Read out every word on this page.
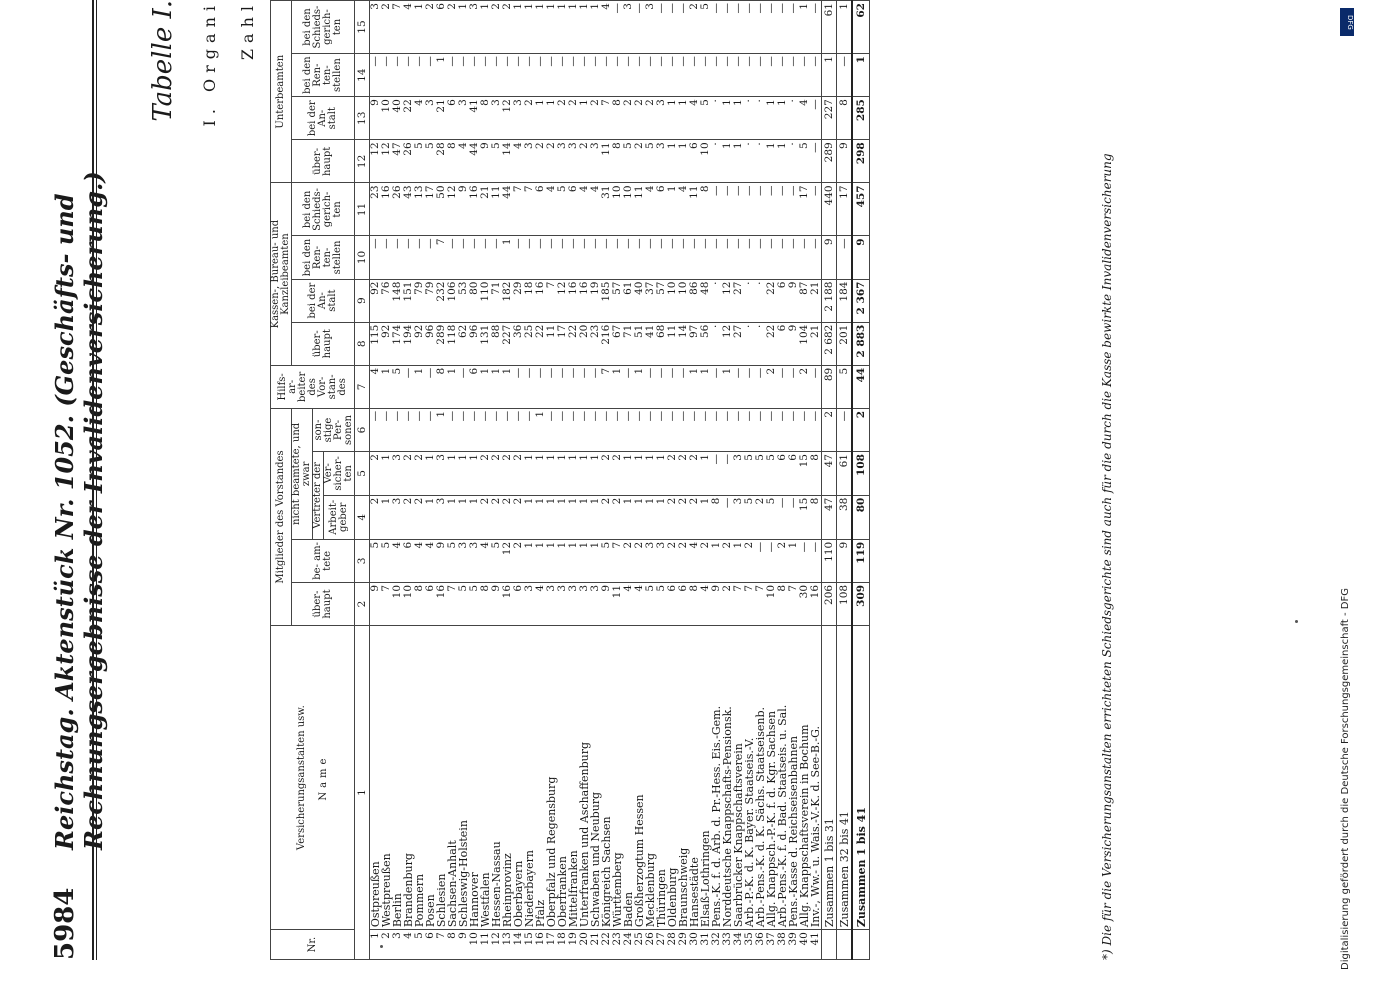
5984
Reichstag. Aktenstück Nr. 1052. (Geschäfts- und Rechnungsergebnisse der Invalidenversicherung.)
Tabelle I. I. Organi Zahl
Nr.	Versicherungsanstalten usw. Name	Mitglieder des Vorstandes					Hilfs- ar- beiter des Vor- stan- des	Kassen-, Bureau- und Kanzleibeamten				Unterbeamten			
		über- haupt	be- am- tete	nicht beamtete, und zwar				über- haupt	bei der An- stalt	bei den Ren- ten- stellen	bei den Schieds- gerich- ten	über- haupt	bei der An- stalt	bei den Ren- ten- stellen	bei den Schieds- gerich- ten
				Vertreter der		son- stige Per- sonen									
				Arbeit- geber	Ver- sicher- ten										
1		2	3	4	5	6	7	8	9	10	11	12	13	14	15
1	Ostpreußen	9	5	2	2	—	4	115	92	—	23	12	9	—	3
2	Westpreußen	7	5	1	1	—	1	92	76	—	16	12	10	—	2
3	Berlin	10	4	3	3	—	5	174	148	—	26	47	40	—	7
4	Brandenburg	10	6	2	2	—	—	194	151	—	43	26	22	—	4
5	Pommern	8	4	2	2	—	1	92	79	—	13	5	4	—	1
6	Posen	6	4	1	1	—	—	96	79	—	17	5	3	—	2
7	Schlesien	16	9	3	3	1	8	289	232	7	50	28	21	1	6
8	Sachsen-Anhalt	7	5	1	1	—	1	118	106	—	12	8	6	—	2
9	Schleswig-Holstein	5	3	1	1	—	—	62	53	—	9	4	3	—	1
10	Hannover	5	3	1	1	—	6	96	80	—	16	44	41	—	3
11	Westfalen	8	4	2	2	—	1	131	110	—	21	9	8	—	1
12	Hessen-Nassau	9	5	2	2	—	1	88	71	—	11	5	3	—	2
13	Rheinprovinz	16	12	2	2	—	1	227	182	1	44	14	12	—	2
14	Oberbayern	6	2	2	2	—	—	36	29	—	7	4	3	—	1
15	Niederbayern	3	1	1	1	—	—	25	18	—	7	3	2	—	1
16	Pfalz	4	1	1	1	1	—	22	16	—	6	2	1	—	1
17	Oberpfalz und Regensburg	3	1	1	1	—	—	11	7	—	4	2	1	—	1
18	Oberfranken	3	1	1	1	—	—	17	12	—	5	3	2	—	1
19	Mittelfranken	3	1	1	1	—	—	22	16	—	6	3	2	—	1
20	Unterfranken und Aschaffenburg	3	1	1	1	—	—	20	16	—	4	2	1	—	1
21	Schwaben und Neuburg	3	1	1	1	—	—	23	19	—	4	3	2	—	1
22	Königreich Sachsen	9	5	2	2	—	7	216	185	—	31	11	7	—	4
23	Württemberg	11	7	2	2	—	1	67	57	—	10	8	8	—	—
24	Baden	4	2	1	1	—	—	71	61	—	10	5	2	—	3
25	Großherzogtum Hessen	4	2	1	1	—	1	51	40	—	11	2	2	—	—
26	Mecklenburg	5	3	1	1	—	—	41	37	—	4	5	2	—	3
27	Thüringen	5	3	1	1	—	—	68	57	—	6	3	3	—	—
28	Oldenburg	6	2	2	2	—	—	11	10	—	1	1	1	—	—
29	Braunschweig	6	2	2	2	—	—	14	10	—	4	1	1	—	—
30	Hansestädte	8	4	2	2	—	1	97	86	—	11	6	4	—	2
31	Elsaß-Lothringen	4	2	1	1	—	1	56	48	—	8	10	5	—	5
32	Pens.-K. f. d. Arb. d. Pr.-Hess. Eis.-Gem.	9	1	8	—	—	—	·	·	—	—	·	·	—	—
33	Norddeutsche Knappschafts-Pensionsk.	2	2	—	—	—	1	12	12	—	—	1	1	—	—
34	Saarbrücker Knappschaftsverein	7	1	3	3	—	—	27	27	—	—	1	1	—	—
35	Arb.-P.-K. d. K. Bayer. Staatseis.-V.	7	2	5	5	—	—	·	·	—	—	·	·	—	—
36	Arb.-Pens.-K. d. K. Sächs. Staatseisenb.	7	—	2	5	—	—	·	·	—	—	·	·	—	—
37	Allg. Knappsch.-P.-K. f. d. Kgr. Sachsen	10	—	5	5	—	2	22	22	—	—	1	1	—	—
38	Arb.-Pens.-K. f. d. Bad. Staatseis. u. Sal.	8	2	—	6	—	—	6	6	—	—	1	1	—	—
39	Pens.-Kasse d. Reichseisenbahnen	7	1	—	6	—	—	9	9	—	—	·	·	—	—
40	Allg. Knappschaftsverein in Bochum	30	—	15	15	—	2	104	87	—	17	5	4	—	1
41	Inv.-, Ww.- u. Wais.-V.-K. d. See-B.-G.	16	—	8	8	—	—	21	21	—	—	—	—	—	—
	Zusammen 1 bis 31	206	110	47	47	2	89	2 682	2 188	9	440	289	227	1	61
	Zusammen 32 bis 41	108	9	38	61	—	5	201	184	—	17	9	8	—	1
	Zusammen 1 bis 41	309	119	80	108	2	44	2 883	2 367	9	457	298	285	1	62
*) Die für die Versicherungsanstalten errichteten Schiedsgerichte sind auch für die durch die Kasse bewirkte Invalidenversicherung
DFG
Digitalisierung gefördert durch die Deutsche Forschungsgemeinschaft - DFG
